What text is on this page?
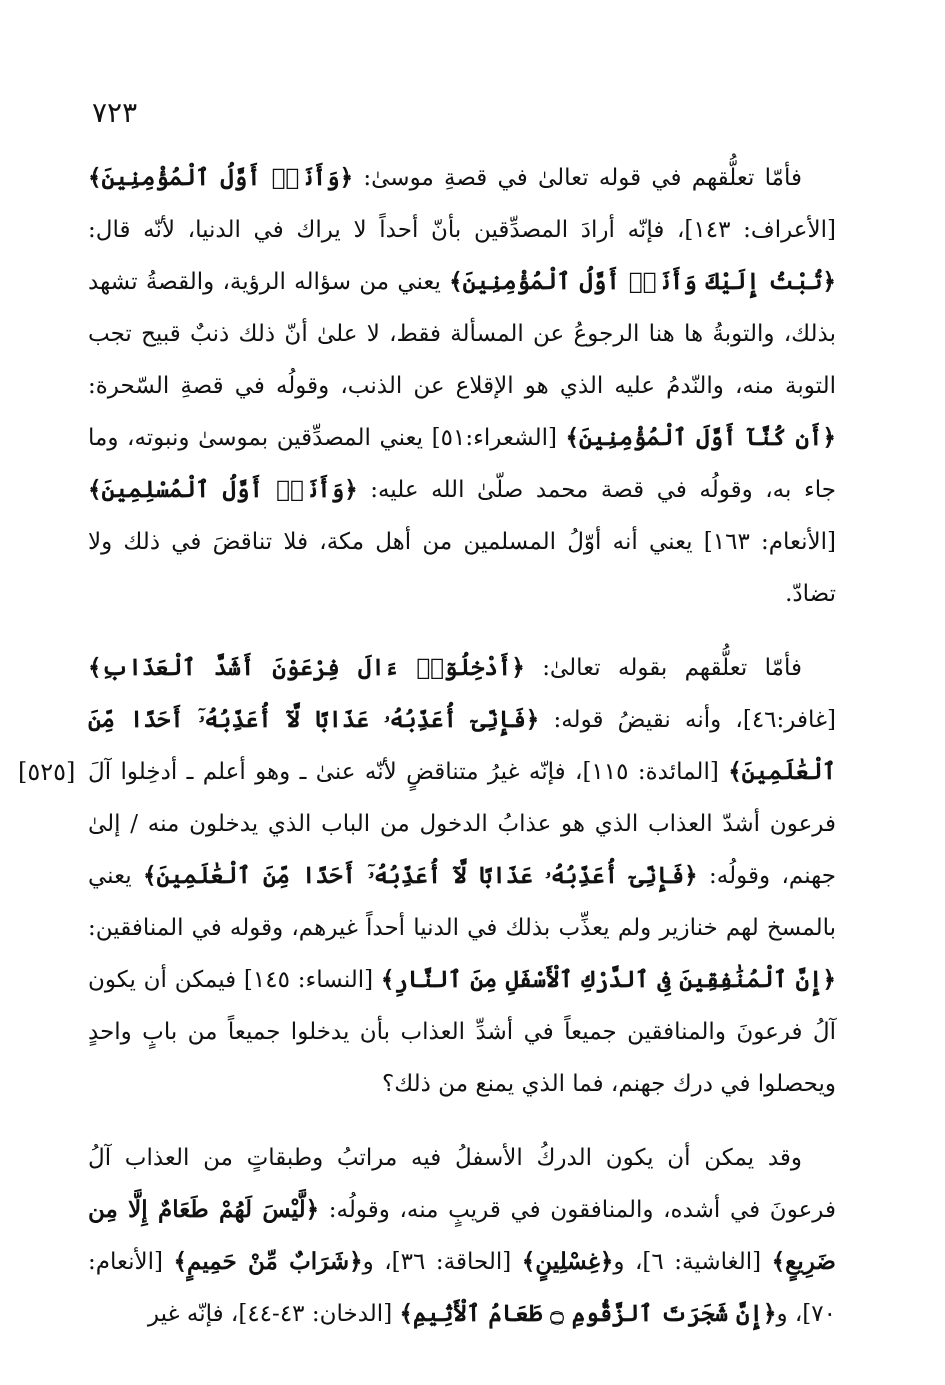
٧٢٣
[٥٢٥]

فأمّا تعلُّقهم في قوله تعالىٰ في قصةِ موسىٰ: ﴿وَأَنَا۠ أَوَّلُ ٱلْمُؤْمِنِينَ﴾ [الأعراف: ١٤٣]، فإنّه أرادَ المصدِّقين بأنّ أحداً لا يراك في الدنيا، لأنّه قال: ﴿تُبْتُ إِلَيْكَ وَأَنَا۠ أَوَّلُ ٱلْمُؤْمِنِينَ﴾ يعني من سؤاله الرؤية، والقصةُ تشهد بذلك، والتوبةُ ها هنا الرجوعُ عن المسألة فقط، لا علىٰ أنّ ذلك ذنبٌ قبيح تجب التوبة منه، والنّدمُ عليه الذي هو الإقلاع عن الذنب، وقولُه في قصةِ السّحرة: ﴿أَن كُنَّآ أَوَّلَ ٱلْمُؤْمِنِينَ﴾ [الشعراء:٥١] يعني المصدِّقين بموسىٰ ونبوته، وما جاء به، وقولُه في قصة محمد صلّىٰ الله عليه: ﴿وَأَنَا۠ أَوَّلُ ٱلْمُسْلِمِينَ﴾ [الأنعام: ١٦٣] يعني أنه أوّلُ المسلمين من أهل مكة، فلا تناقضَ في ذلك ولا تضادّ.

فأمّا تعلُّقهم بقوله تعالىٰ: ﴿أَدْخِلُوٓا۟ ءَالَ فِرْعَوْنَ أَشَدَّ ٱلْعَذَابِ﴾[غافر:٤٦]، وأنه نقيضُ قوله: ﴿فَإِنِّىٓ أُعَذِّبُهُۥ عَذَابًا لَّآ أُعَذِّبُهُۥٓ أَحَدًا مِّنَ ٱلْعَٰلَمِينَ﴾ [المائدة: ١١٥]، فإنّه غيرُ متناقضٍ لأنّه عنىٰ ـ وهو أعلم ـ أدخِلوا آلَ فرعون أشدّ العذاب الذي هو عذابُ الدخول من الباب الذي يدخلون منه / إلىٰ جهنم، وقولُه: ﴿فَإِنِّىٓ أُعَذِّبُهُۥ عَذَابًا لَّآ أُعَذِّبُهُۥٓ أَحَدًا مِّنَ ٱلْعَٰلَمِينَ﴾ يعني بالمسخ لهم خنازير ولم يعذِّب بذلك في الدنيا أحداً غيرهم، وقوله في المنافقين: ﴿إِنَّ ٱلْمُنَٰفِقِينَ فِى ٱلدَّرْكِ ٱلْأَسْفَلِ مِنَ ٱلنَّارِ﴾ [النساء: ١٤٥] فيمكن أن يكون آلُ فرعونَ والمنافقين جميعاً في أشدِّ العذاب بأن يدخلوا جميعاً من بابٍ واحدٍ ويحصلوا في درك جهنم، فما الذي يمنع من ذلك؟

وقد يمكن أن يكون الدركُ الأسفلُ فيه مراتبُ وطبقاتٍ من العذاب آلُ فرعونَ في أشده، والمنافقون في قريبٍ منه، وقولُه: ﴿لَّيْسَ لَهُمْ طَعَامٌ إِلَّا مِن ضَرِيعٍ﴾ [الغاشية: ٦]، و﴿غِسْلِينٍ﴾ [الحاقة: ٣٦]، و﴿شَرَابٌ مِّنْ حَمِيمٍ﴾ [الأنعام: ٧٠]، و﴿إِنَّ شَجَرَتَ ٱلزَّقُّومِ ۝ طَعَامُ ٱلْأَثِيمِ﴾ [الدخان: ٤٣-٤٤]، فإنّه غير
